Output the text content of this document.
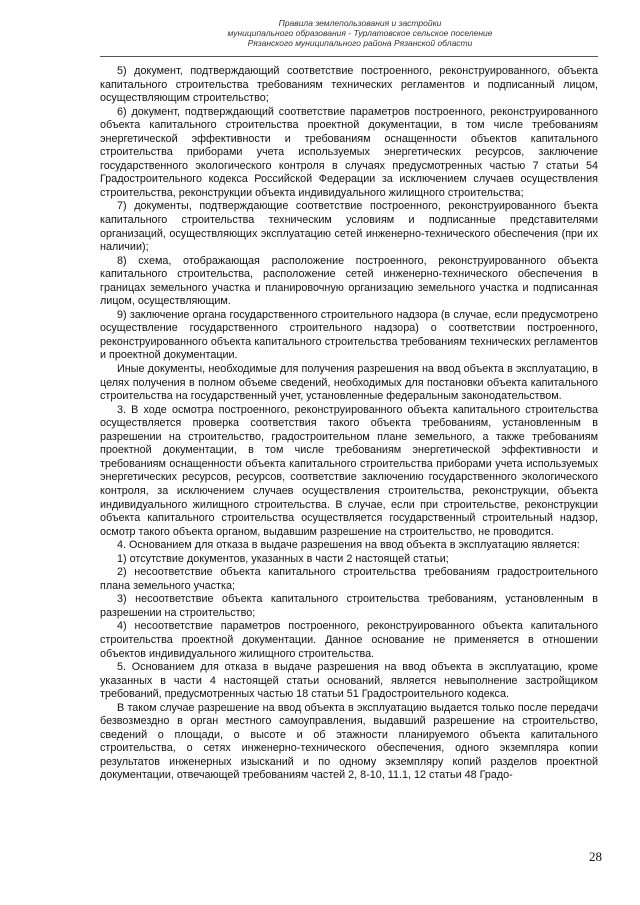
Правила землепользования и застройки
муниципального образования - Турлатовское сельское поселение
Рязанского муниципального района Рязанской области

5) документ, подтверждающий соответствие построенного, реконструированного, объекта капитального строительства требованиям технических регламентов и подписанный лицом, осуществляющим строительство;

6) документ, подтверждающий соответствие параметров построенного, реконструированного объекта капитального строительства проектной документации, в том числе требованиям энергетической эффективности и требованиям оснащенности объектов капитального строительства приборами учета используемых энергетических ресурсов, заключение государственного экологического контроля в случаях предусмотренных частью 7 статьи 54 Градостроительного кодекса Российской Федерации за исключением случаев осуществления строительства, реконструкции объекта индивидуального жилищного строительства;

7) документы, подтверждающие соответствие построенного, реконструированного бъекта капитального строительства техническим условиям и подписанные представителями организаций, осуществляющих эксплуатацию сетей инженерно-технического обеспечения (при их наличии);

8) схема, отображающая расположение построенного, реконструированного объекта капитального строительства, расположение сетей инженерно-технического обеспечения в границах земельного участка и планировочную организацию земельного участка и подписанная лицом, осуществляющим.

9) заключение органа государственного строительного надзора (в случае, если предусмотрено осуществление государственного строительного надзора) о соответствии построенного, реконструированного объекта капитального строительства требованиям технических регламентов и проектной документации.

Иные документы, необходимые для получения разрешения на ввод объекта в эксплуатацию, в целях получения в полном объеме сведений, необходимых для постановки объекта капитального строительства на государственный учет, установленные федеральным законодательством.

3. В ходе осмотра построенного, реконструированного объекта капитального строительства осуществляется проверка соответствия такого объекта требованиям, установленным в разрешении на строительство, градостроительном плане земельного, а также требованиям проектной документации, в том числе требованиям энергетической эффективности и требованиям оснащенности объекта капитального строительства приборами учета используемых энергетических ресурсов, ресурсов, соответствие заключению государственного экологического контроля, за исключением случаев осуществления строительства, реконструкции, объекта индивидуального жилищного строительства. В случае, если при строительстве, реконструкции объекта капитального строительства осуществляется государственный строительный надзор, осмотр такого объекта органом, выдавшим разрешение на строительство, не проводится.

4. Основанием для отказа в выдаче разрешения на ввод объекта в эксплуатацию является:

1) отсутствие документов, указанных в части 2 настоящей статьи;

2) несоответствие объекта капитального строительства требованиям градостроительного плана земельного участка;

3) несоответствие объекта капитального строительства требованиям, установленным в разрешении на строительство;

4) несоответствие параметров построенного, реконструированного объекта капитального строительства проектной документации. Данное основание не применяется в отношении объектов индивидуального жилищного строительства.

5. Основанием для отказа в выдаче разрешения на ввод объекта в эксплуатацию, кроме указанных в части 4 настоящей статьи оснований, является невыполнение застройщиком требований, предусмотренных частью 18 статьи 51 Градостроительного кодекса.

В таком случае разрешение на ввод объекта в эксплуатацию выдается только после передачи безвозмездно в орган местного самоуправления, выдавший разрешение на строительство, сведений о площади, о высоте и об этажности планируемого объекта капитального строительства, о сетях инженерно-технического обеспечения, одного экземпляра копии результатов инженерных изысканий и по одному экземпляру копий разделов проектной документации, отвечающей требованиям частей 2, 8-10, 11.1, 12 статьи 48 Градо-

28
